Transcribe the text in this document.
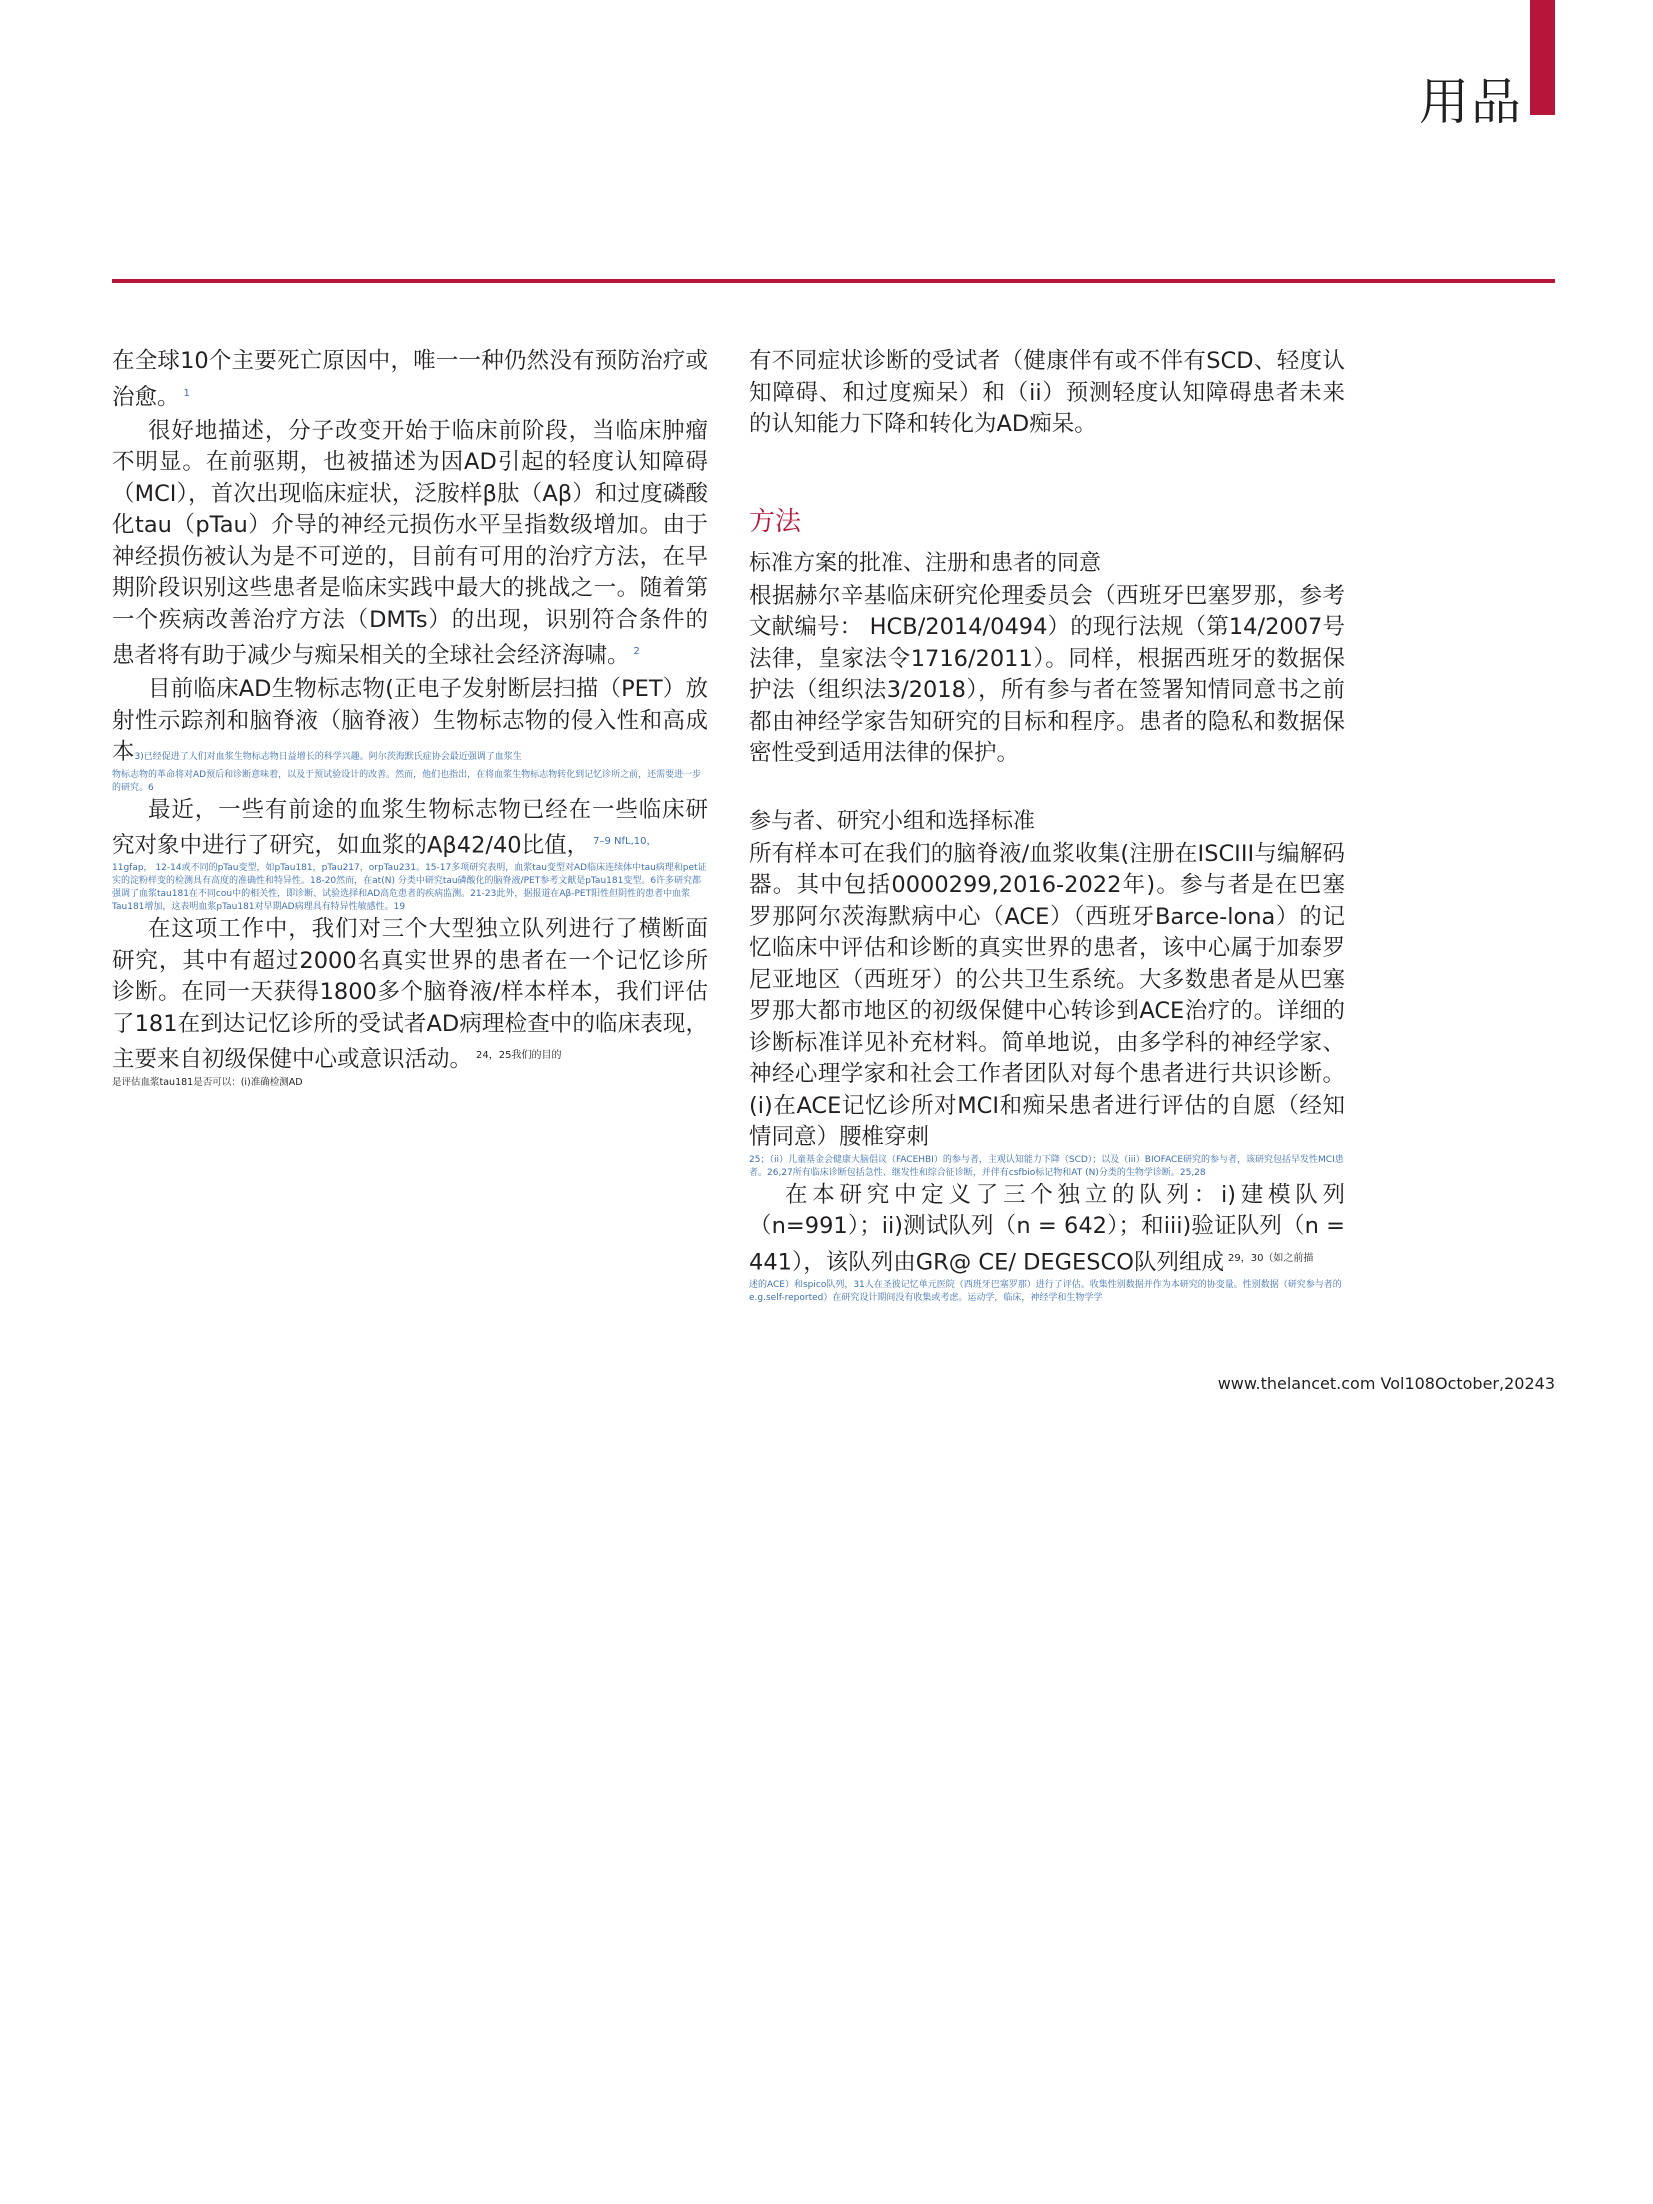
用品

在全球10个主要死亡原因中，唯一一种仍然没有预防治疗或治愈。 $^1$

很好地描述，分子改变开始于临床前阶段，当临床肿瘤不明显。在前驱期，也被描述为因AD引起的轻度认知障碍（MCI），首次出现临床症状，泛胺样β肽（Aβ）和过度磷酸化tau（pTau）介导的神经元损伤水平呈指数级增加。由于神经损伤被认为是不可逆的，目前有可用的治疗方法，在早期阶段识别这些患者是临床实践中最大的挑战之一。随着第一个疾病改善治疗方法（DMTs）的出现，识别符合条件的患者将有助于减少与痴呆相关的全球社会经济海啸。 $^2$

目前临床AD生物标志物(正电子发射断层扫描（PET）放射性示踪剂和脑脊液（脑脊液）生物标志物的侵入性和高成本3)已经促进了人们对血浆生物标志物日益增长的科学兴趣。阿尔茨海默氏症协会最近强调了血浆生

物标志物的革命将对AD预后和诊断意味着，以及于预试验设计的改善。然而，他们也指出，在将血浆生物标志物转化到记忆诊所之前，还需要进一步的研究。6

最近，一些有前途的血浆生物标志物已经在一些临床研究对象中进行了研究，如血浆的Aβ42/40比值， $^{7-9 NfL,10,}$

11gfap， 12-14或不同的pTau变型，如pTau181，pTau217，orpTau231。15-17多项研究表明，血浆tau变型对AD临床连续体中tau病理和pet证实的淀粉样变的检测具有高度的准确性和特异性。18-20然而，在at(N) 分类中研究tau磷酸化的脑脊液/PET参考文献是pTau181变型。6许多研究都强调了血浆tau181在不同cou中的相关性，即诊断、试验选择和AD高危患者的疾病监测。21-23此外，据报道在Aβ-PET阳性但阴性的患者中血浆Tau181增加，这表明血浆pTau181对早期AD病理具有特异性敏感性。19

在这项工作中，我们对三个大型独立队列进行了横断面研究，其中有超过2000名真实世界的患者在一个记忆诊所诊断。在同一天获得1800多个脑脊液/样本样本，我们评估了181在到达记忆诊所的受试者AD病理检查中的临床表现，主要来自初级保健中心或意识活动。 $^{24,25我们的目的}$

是评估血浆tau181是否可以：(i)准确检测AD

有不同症状诊断的受试者（健康伴有或不伴有SCD、轻度认知障碍、和过度痴呆）和（ii）预测轻度认知障碍患者未来的认知能力下降和转化为AD痴呆。

方法
标准方案的批准、注册和患者的同意

根据赫尔辛基临床研究伦理委员会（西班牙巴塞罗那，参考文献编号： HCB/2014/0494）的现行法规（第14/2007号法律，皇家法令1716/2011）。同样，根据西班牙的数据保护法（组织法3/2018），所有参与者在签署知情同意书之前都由神经学家告知研究的目标和程序。患者的隐私和数据保密性受到适用法律的保护。

参与者、研究小组和选择标准

所有样本可在我们的脑脊液/血浆收集(注册在ISCIII与编解码器。其中包括0000299,2016-2022年)。参与者是在巴塞罗那阿尔茨海默病中心（ACE）（西班牙Barce-lona）的记忆临床中评估和诊断的真实世界的患者，该中心属于加泰罗尼亚地区（西班牙）的公共卫生系统。大多数患者是从巴塞罗那大都市地区的初级保健中心转诊到ACE治疗的。详细的诊断标准详见补充材料。简单地说，由多学科的神经学家、神经心理学家和社会工作者团队对每个患者进行共识诊断。(i)在ACE记忆诊所对MCI和痴呆患者进行评估的自愿（经知情同意）腰椎穿刺

25；（ii）儿童基金会健康大脑倡议（FACEHBI）的参与者，主观认知能力下降（SCD）；以及（iii）BIOFACE研究的参与者，该研究包括早发性MCI患者。26,27所有临床诊断包括急性、继发性和综合征诊断，并伴有csfbio标记物和AT (N)分类的生物学诊断。25,28

在本研究中定义了三个独立的队列：i)建模队列（n=991）；ii)测试队列（n = 642）；和iii)验证队列（n = 441），该队列由GR@ CE/ DEGESCO队列组成 $^{29,30(如之前描}$

述的ACE）和spico队列，31人在圣彼记忆单元医院（西班牙巴塞罗那）进行了评估。收集性别数据并作为本研究的协变量。性别数据（研究参与者的e.g.self-reported）在研究设计期间没有收集或考虑。运动学，临床，神经学和生物学学

www.thelancet.com Vol108October,20243
